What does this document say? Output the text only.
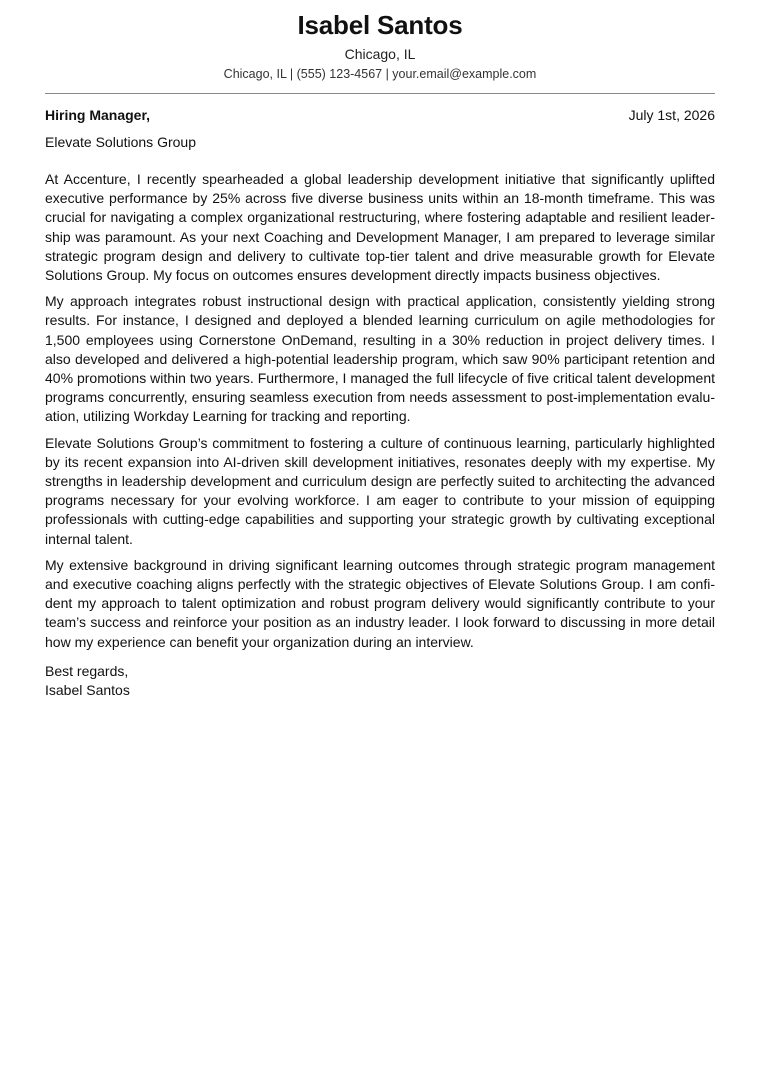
Isabel Santos
Chicago, IL
Chicago, IL | (555) 123-4567 | your.email@example.com
Hiring Manager,	July 1st, 2026
Elevate Solutions Group

At Accenture, I recently spearheaded a global leadership development initiative that significantly uplifted executive performance by 25% across five diverse business units within an 18-month timeframe. This was crucial for navigating a complex organizational restructuring, where fostering adaptable and resilient leadership was paramount. As your next Coaching and Development Manager, I am prepared to leverage similar strategic program design and delivery to cultivate top-tier talent and drive measurable growth for Elevate Solutions Group. My focus on outcomes ensures development directly impacts business objectives.

My approach integrates robust instructional design with practical application, consistently yielding strong results. For instance, I designed and deployed a blended learning curriculum on agile methodologies for 1,500 employees using Cornerstone OnDemand, resulting in a 30% reduction in project delivery times. I also developed and delivered a high-potential leadership program, which saw 90% participant retention and 40% promotions within two years. Furthermore, I managed the full lifecycle of five critical talent development programs concurrently, ensuring seamless execution from needs assessment to post-implementation evaluation, utilizing Workday Learning for tracking and reporting.

Elevate Solutions Group’s commitment to fostering a culture of continuous learning, particularly highlighted by its recent expansion into AI-driven skill development initiatives, resonates deeply with my expertise. My strengths in leadership development and curriculum design are perfectly suited to architecting the advanced programs necessary for your evolving workforce. I am eager to contribute to your mission of equipping professionals with cutting-edge capabilities and supporting your strategic growth by cultivating exceptional internal talent.

My extensive background in driving significant learning outcomes through strategic program management and executive coaching aligns perfectly with the strategic objectives of Elevate Solutions Group. I am confident my approach to talent optimization and robust program delivery would significantly contribute to your team’s success and reinforce your position as an industry leader. I look forward to discussing in more detail how my experience can benefit your organization during an interview.

Best regards,
Isabel Santos
